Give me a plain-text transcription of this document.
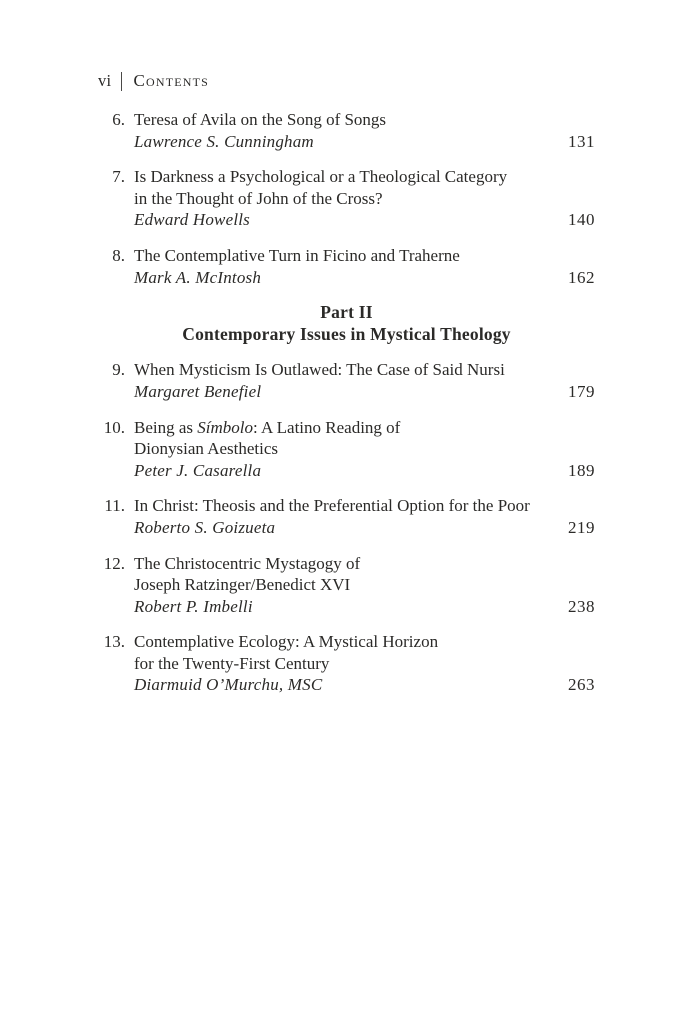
vi Contents
6. Teresa of Avila on the Song of Songs
Lawrence S. Cunningham	131
7. Is Darkness a Psychological or a Theological Category
in the Thought of John of the Cross?
Edward Howells	140
8. The Contemplative Turn in Ficino and Traherne
Mark A. McIntosh	162
Part II
Contemporary Issues in Mystical Theology
9. When Mysticism Is Outlawed: The Case of Said Nursi
Margaret Benefiel	179
10. Being as Símbolo: A Latino Reading of
Dionysian Aesthetics
Peter J. Casarella	189
11. In Christ: Theosis and the Preferential Option for the Poor
Roberto S. Goizueta	219
12. The Christocentric Mystagogy of
Joseph Ratzinger/Benedict XVI
Robert P. Imbelli	238
13. Contemplative Ecology: A Mystical Horizon
for the Twenty-First Century
Diarmuid O’Murchu, MSC	263
